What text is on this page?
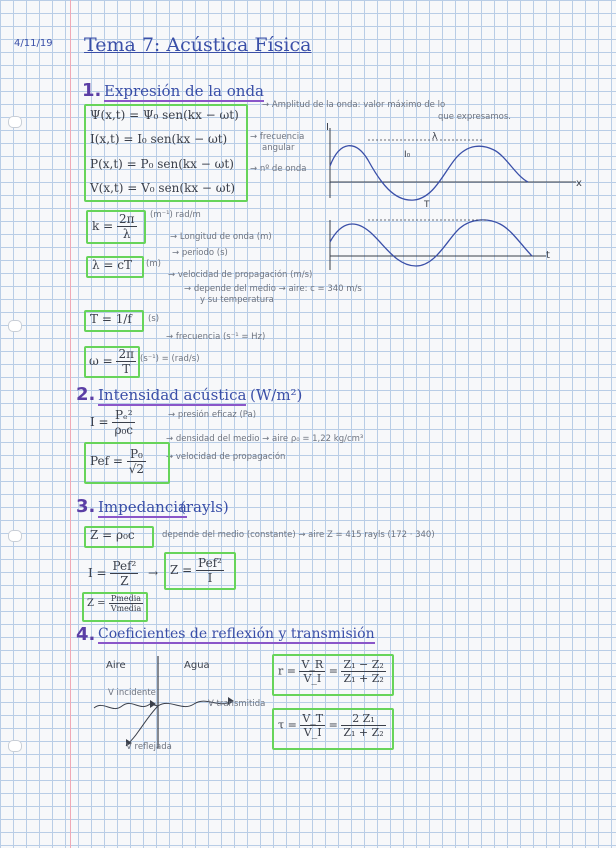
4/11/19 Tema 7: Acústica Física
1. Expresión de la onda
Ψ(x,t) = Ψ₀ sen(kx − ωt)
I(x,t) = I₀ sen(kx − ωt)
P(x,t) = P₀ sen(kx − ωt)
V(x,t) = V₀ sen(kx − ωt)
→ Amplitud de la onda: valor máximo de lo
que expresamos.
→ frecuencia
angular
→ nº de onda
I
x
t
I₀
λ
T
$k = \frac{2\pi}{\lambda} (m^{-1})$ rad/m
→ Longitud de onda (m)
→ periodo (s)
λ = cT (m)
→ velocidad de propagación (m/s)
→ depende del medio → aire: c = 340 m/s
y su temperatura
T = 1/f (s)
→ frecuencia (s⁻¹ = Hz)
$\omega = \frac{2\pi}{T} (s^{-1}) = (rad/s)$
2. Intensidad acústica (W/m²)
$I = \frac{\text{Pₑ²}}{\text{ρ₀c}}$	→ presión eficaz (Pa)
→ densidad del medio → aire ρ₀ = 1,22 kg/cm³
→ velocidad de propagación
Pef = $\frac{\text{P₀}}{√2}$
3. Impedancia
(rayls)
Z = ρ₀c	depende del medio (constante) → aire Z = 415 rayls (172 · 340)
$I = \frac{\text{Pef²}}{Z} \to Z = \frac{\text{Pef²}}{I}$
$Z = \frac{\text{Pmedia}}{\text{Vmedia}}$
4. Coeficientes de reflexión y transmisión
Aire	Agua
V incidente
V transmitida
V reflejada
$r = \frac{V\_R}{V\_I} = \frac{\text{Z₁ − Z₂}}{\text{Z₁ + Z₂}}$
$\tau = \frac{V\_T}{V\_I} = \frac{\text{2 Z₁}}{\text{Z₁ + Z₂}}$
